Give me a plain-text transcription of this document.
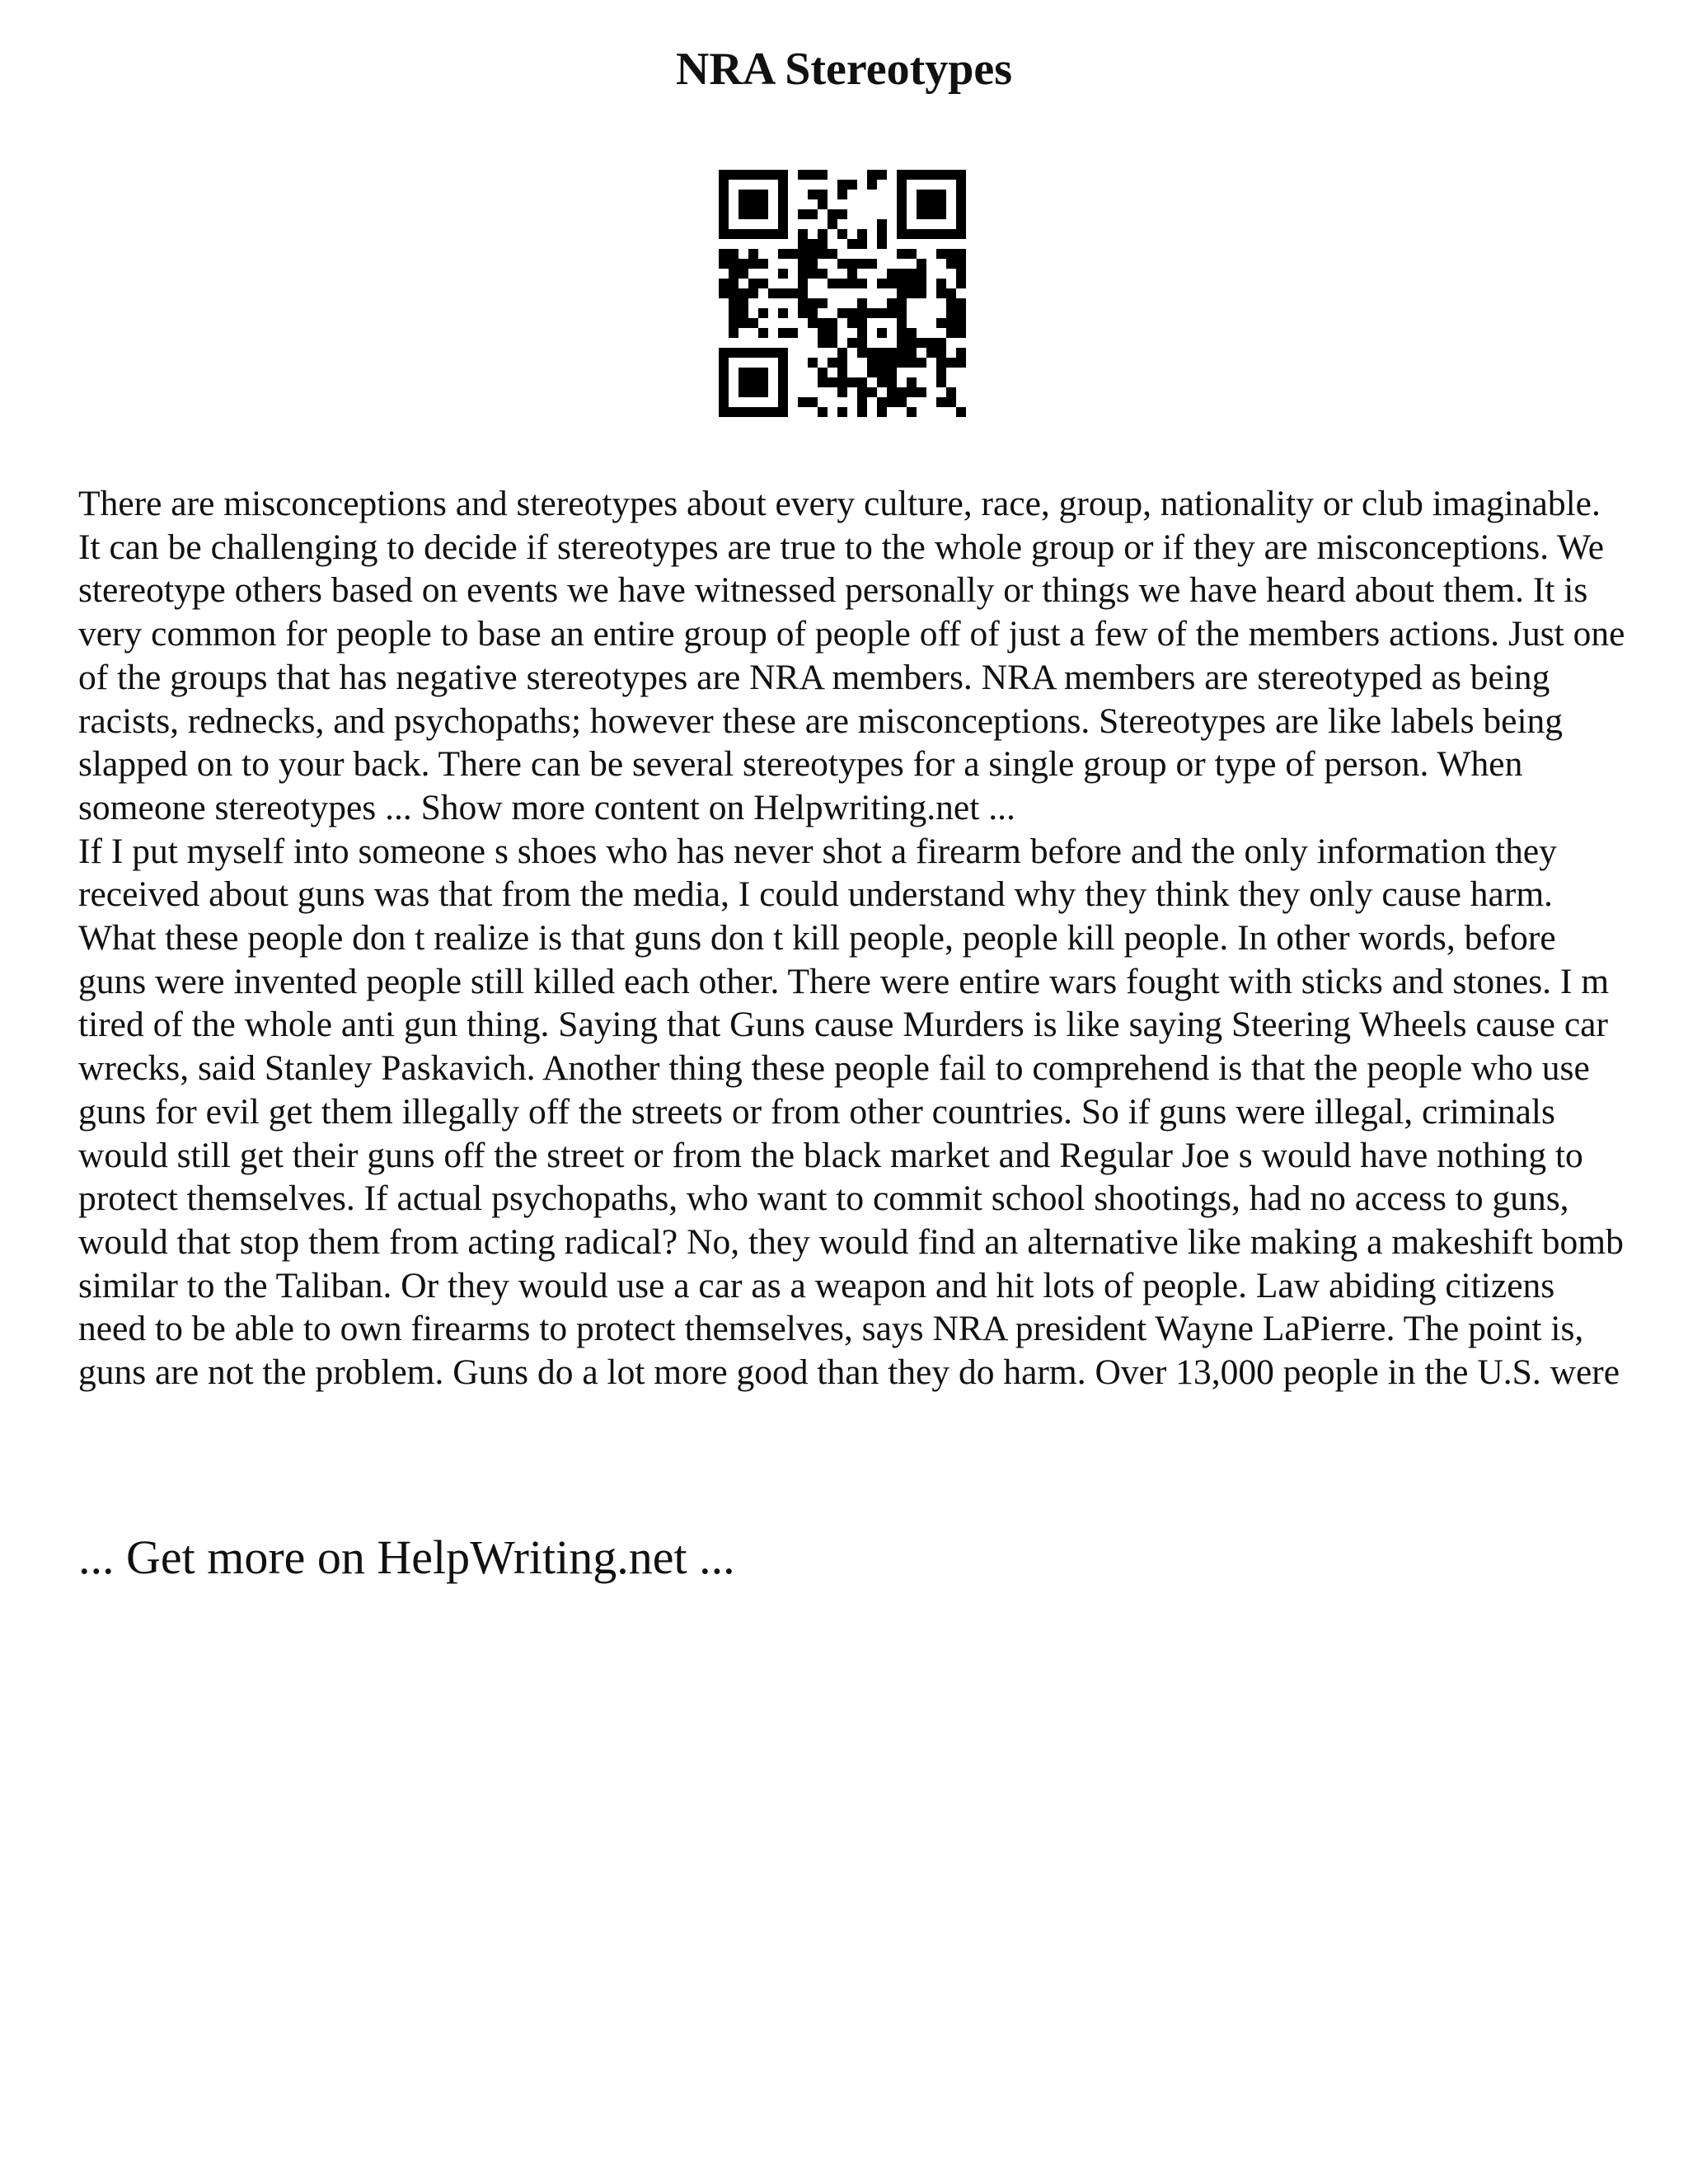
NRA Stereotypes

There are misconceptions and stereotypes about every culture, race, group, nationality or club imaginable. It can be challenging to decide if stereotypes are true to the whole group or if they are misconceptions. We stereotype others based on events we have witnessed personally or things we have heard about them. It is very common for people to base an entire group of people off of just a few of the members actions. Just one of the groups that has negative stereotypes are NRA members. NRA members are stereotyped as being racists, rednecks, and psychopaths; however these are misconceptions. Stereotypes are like labels being slapped on to your back. There can be several stereotypes for a single group or type of person. When someone stereotypes ... Show more content on Helpwriting.net ...

If I put myself into someone s shoes who has never shot a firearm before and the only information they received about guns was that from the media, I could understand why they think they only cause harm. What these people don t realize is that guns don t kill people, people kill people. In other words, before guns were invented people still killed each other. There were entire wars fought with sticks and stones. I m tired of the whole anti gun thing. Saying that Guns cause Murders is like saying Steering Wheels cause car wrecks, said Stanley Paskavich. Another thing these people fail to comprehend is that the people who use guns for evil get them illegally off the streets or from other countries. So if guns were illegal, criminals would still get their guns off the street or from the black market and Regular Joe s would have nothing to protect themselves. If actual psychopaths, who want to commit school shootings, had no access to guns, would that stop them from acting radical? No, they would find an alternative like making a makeshift bomb similar to the Taliban. Or they would use a car as a weapon and hit lots of people. Law abiding citizens need to be able to own firearms to protect themselves, says NRA president Wayne LaPierre. The point is, guns are not the problem. Guns do a lot more good than they do harm. Over 13,000 people in the U.S. were

... Get more on HelpWriting.net ...
